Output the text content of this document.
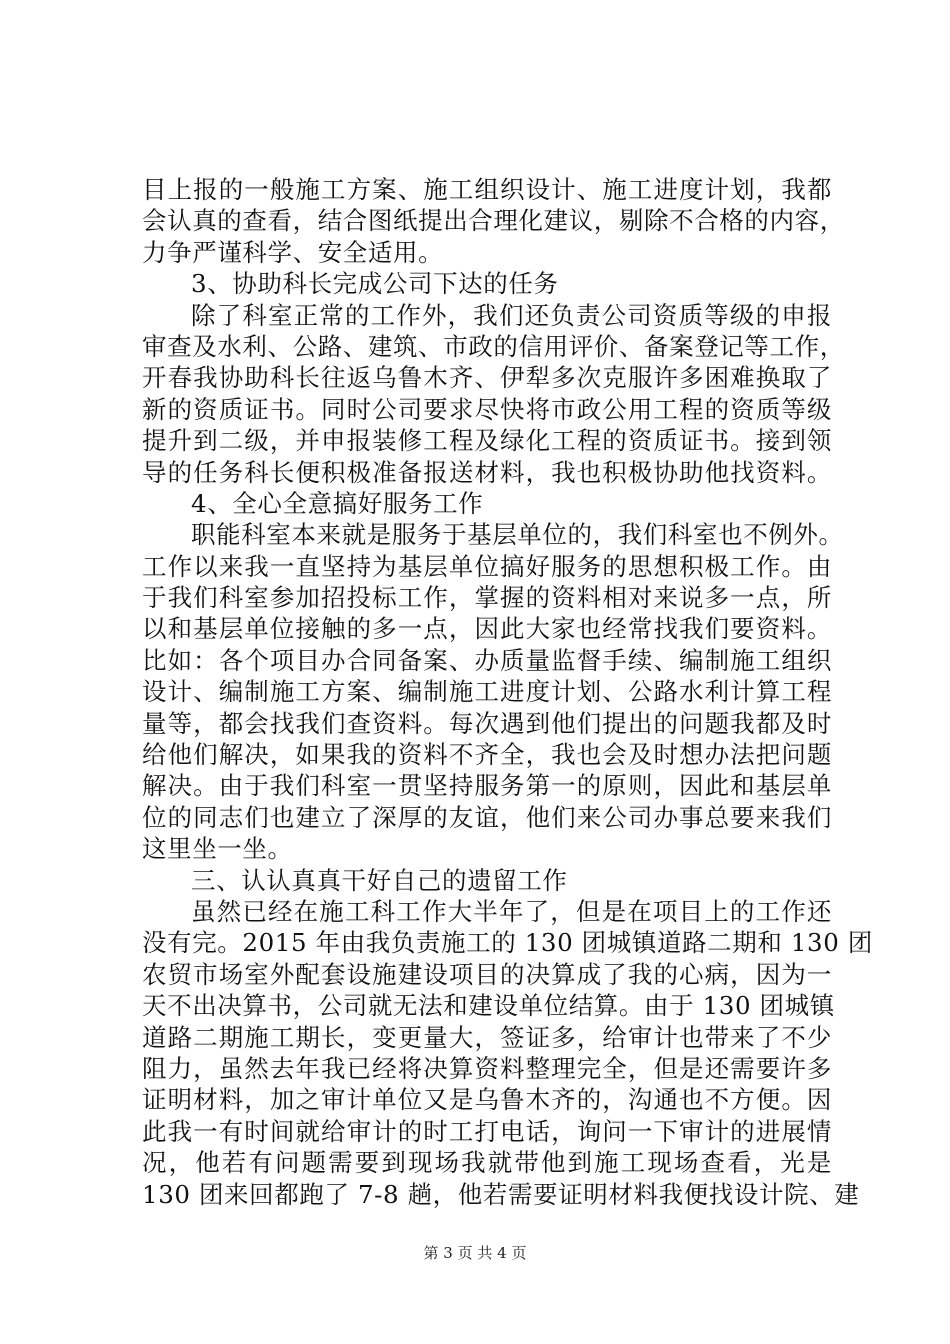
目上报的一般施工方案、施工组织设计、施工进度计划，我都
会认真的查看，结合图纸提出合理化建议，剔除不合格的内容，
力争严谨科学、安全适用。
3、协助科长完成公司下达的任务
除了科室正常的工作外，我们还负责公司资质等级的申报
审查及水利、公路、建筑、市政的信用评价、备案登记等工作，
开春我协助科长往返乌鲁木齐、伊犁多次克服许多困难换取了
新的资质证书。同时公司要求尽快将市政公用工程的资质等级
提升到二级，并申报装修工程及绿化工程的资质证书。接到领
导的任务科长便积极准备报送材料，我也积极协助他找资料。
4、全心全意搞好服务工作
职能科室本来就是服务于基层单位的，我们科室也不例外。
工作以来我一直坚持为基层单位搞好服务的思想积极工作。由
于我们科室参加招投标工作，掌握的资料相对来说多一点，所
以和基层单位接触的多一点，因此大家也经常找我们要资料。
比如：各个项目办合同备案、办质量监督手续、编制施工组织
设计、编制施工方案、编制施工进度计划、公路水利计算工程
量等，都会找我们查资料。每次遇到他们提出的问题我都及时
给他们解决，如果我的资料不齐全，我也会及时想办法把问题
解决。由于我们科室一贯坚持服务第一的原则，因此和基层单
位的同志们也建立了深厚的友谊，他们来公司办事总要来我们
这里坐一坐。
三、认认真真干好自己的遗留工作
虽然已经在施工科工作大半年了，但是在项目上的工作还
没有完。2015 年由我负责施工的 130 团城镇道路二期和 130 团
农贸市场室外配套设施建设项目的决算成了我的心病，因为一
天不出决算书，公司就无法和建设单位结算。由于 130 团城镇
道路二期施工期长，变更量大，签证多，给审计也带来了不少
阻力，虽然去年我已经将决算资料整理完全，但是还需要许多
证明材料，加之审计单位又是乌鲁木齐的，沟通也不方便。因
此我一有时间就给审计的时工打电话，询问一下审计的进展情
况，他若有问题需要到现场我就带他到施工现场查看，光是
130 团来回都跑了 7-8 趟，他若需要证明材料我便找设计院、建
第 3 页 共 4 页
